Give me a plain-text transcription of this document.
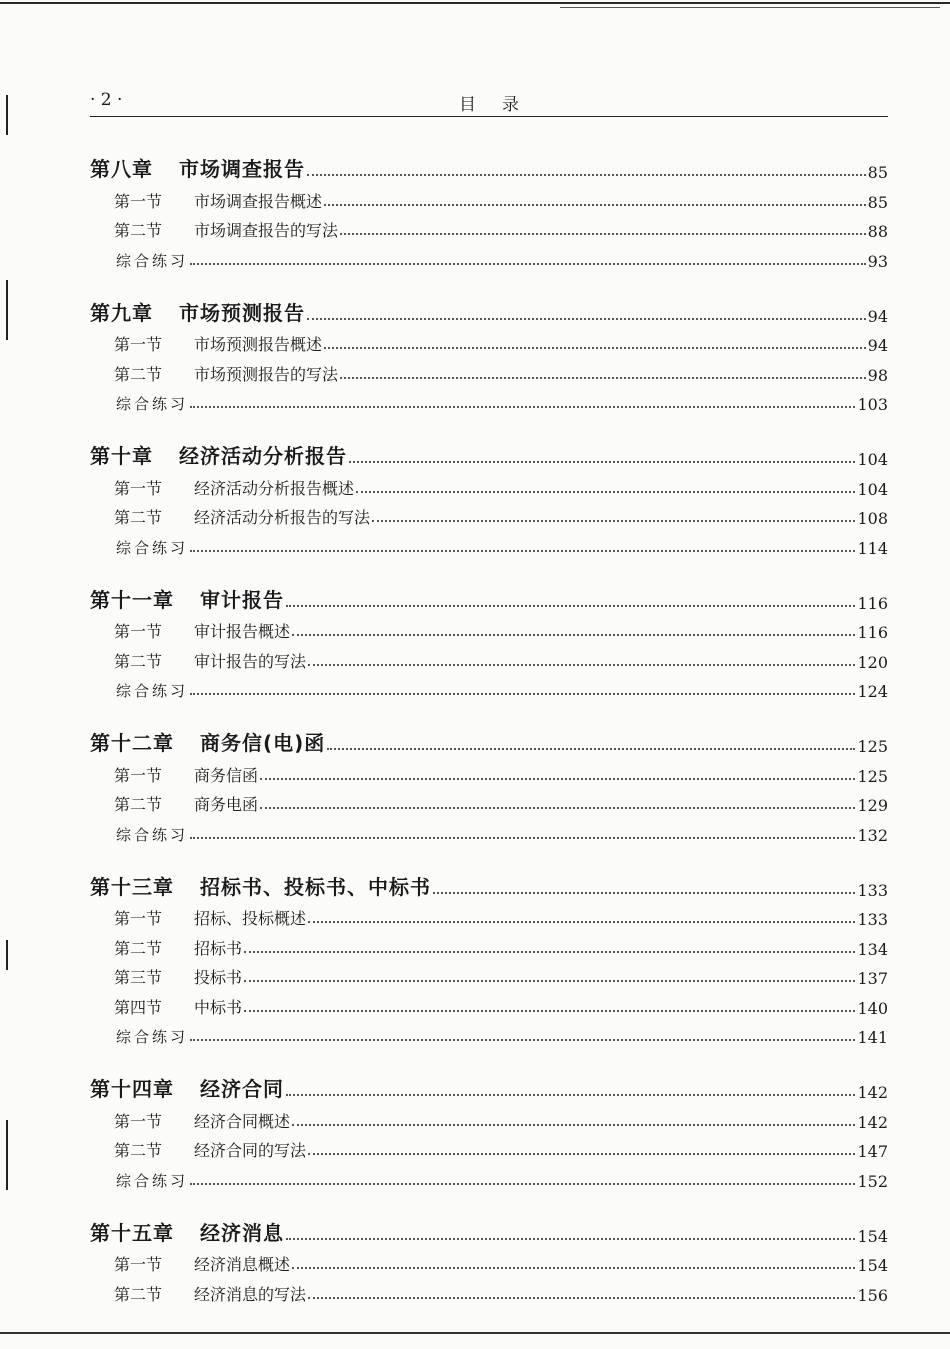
· 2 ·	目录
第八章 市场调查报告	85
第一节 市场调查报告概述	85
第二节 市场调查报告的写法	88
综合练习	93
第九章 市场预测报告	94
第一节 市场预测报告概述	94
第二节 市场预测报告的写法	98
综合练习	103
第十章 经济活动分析报告	104
第一节 经济活动分析报告概述	104
第二节 经济活动分析报告的写法	108
综合练习	114
第十一章 审计报告	116
第一节 审计报告概述	116
第二节 审计报告的写法	120
综合练习	124
第十二章 商务信(电)函	125
第一节 商务信函	125
第二节 商务电函	129
综合练习	132
第十三章 招标书、投标书、中标书	133
第一节 招标、投标概述	133
第二节 招标书	134
第三节 投标书	137
第四节 中标书	140
综合练习	141
第十四章 经济合同	142
第一节 经济合同概述	142
第二节 经济合同的写法	147
综合练习	152
第十五章 经济消息	154
第一节 经济消息概述	154
第二节 经济消息的写法	156
